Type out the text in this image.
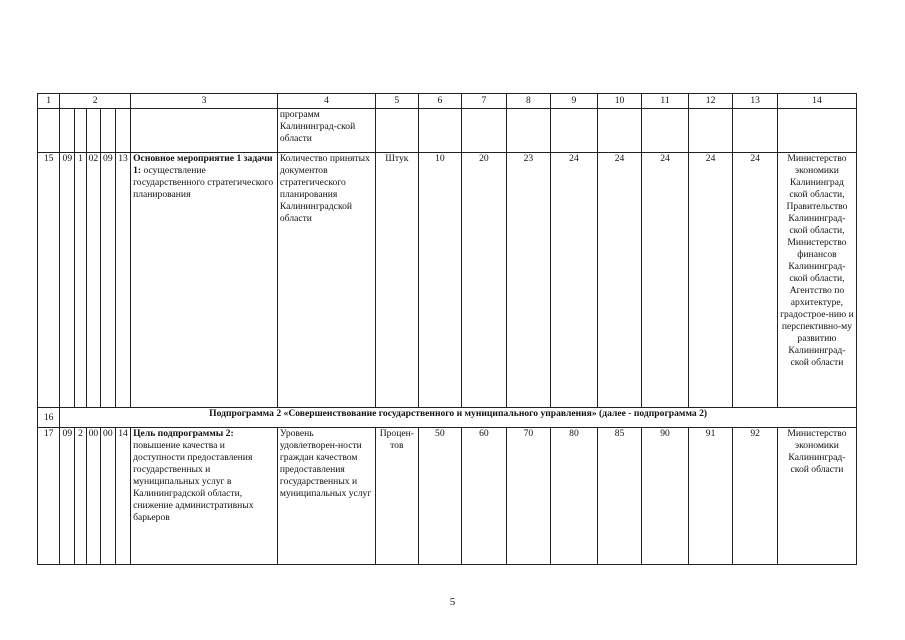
1	2					3	4	5	6	7	8	9	10	11	12	13	14
							программ Калининград-ской области										
15	09	1	02	09	13	Основное мероприятие 1 задачи 1: осуществление государственного стратегического планирования	Количество принятых документов стратегического планирования Калининградской области	Штук	10	20	23	24	24	24	24	24	Министерство экономики Калининград ской области, Правительство Калининград-ской области, Министерство финансов Калининград-ской области, Агентство по архитектуре, градострое-нию и перспективно-му развитию Калининград-ской области
16	Подпрограмма 2 «Совершенствование государственного и муниципального управления» (далее - подпрограмма 2)																
17	09	2	00	00	14	Цель подпрограммы 2: повышение качества и доступности предоставления государственных и муниципальных услуг в Калининградской области, снижение административных барьеров	Уровень удовлетворен-ности граждан качеством предоставления государственных и муниципальных услуг	Процен-тов	50	60	70	80	85	90	91	92	Министерство экономики Калининград-ской области
5
